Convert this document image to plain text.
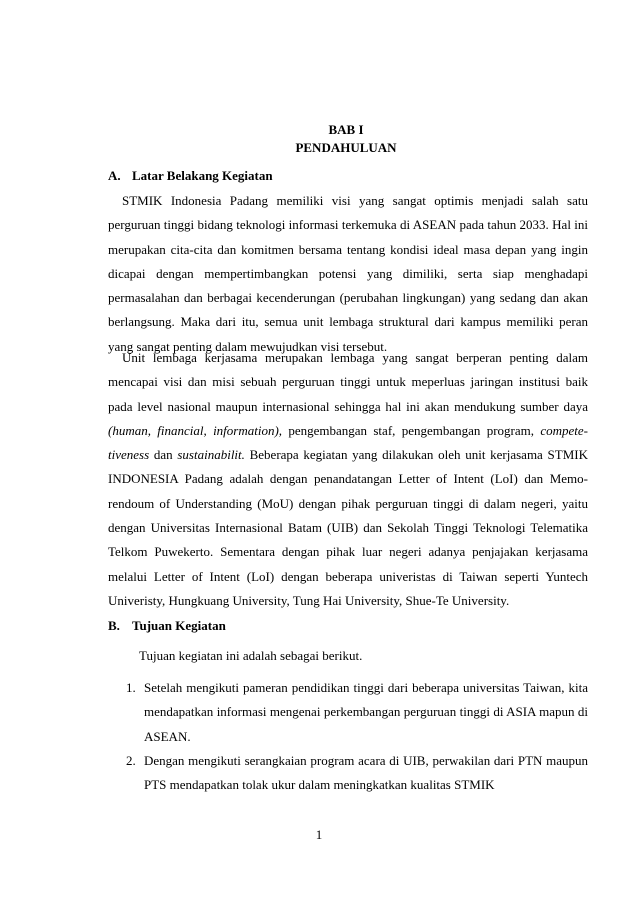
BAB I
PENDAHULUAN
A. Latar Belakang Kegiatan

STMIK Indonesia Padang memiliki visi yang sangat optimis menjadi salah satu perguruan tinggi bidang teknologi informasi terkemuka di ASEAN pada tahun 2033. Hal ini merupakan cita-cita dan komitmen bersama tentang kondisi ideal masa depan yang ingin dicapai dengan mempertimbangkan potensi yang dimiliki, serta siap menghadapi permasalahan dan berbagai kecenderungan (perubahan lingkungan) yang sedang dan akan berlangsung. Maka dari itu, semua unit lembaga struktural dari kampus memiliki peran yang sangat penting dalam mewujudkan visi tersebut.

Unit lembaga kerjasama merupakan lembaga yang sangat berperan penting dalam mencapai visi dan misi sebuah perguruan tinggi untuk meperluas jaringan institusi baik pada level nasional maupun internasional sehingga hal ini akan mendukung sumber daya (human, financial, information), pengembangan staf, pengembangan program, competetiveness dan sustainabilit. Beberapa kegiatan yang dilakukan oleh unit kerjasama STMIK INDONESIA Padang adalah dengan penandatangan Letter of Intent (LoI) dan Memorendoum of Understanding (MoU) dengan pihak perguruan tinggi di dalam negeri, yaitu dengan Universitas Internasional Batam (UIB) dan Sekolah Tinggi Teknologi Telematika Telkom Puwekerto. Sementara dengan pihak luar negeri adanya penjajakan kerjasama melalui Letter of Intent (LoI) dengan beberapa univeristas di Taiwan seperti Yuntech Univeristy, Hungkuang University, Tung Hai University, Shue-Te University.

B. Tujuan Kegiatan
Tujuan kegiatan ini adalah sebagai berikut.
1. Setelah mengikuti pameran pendidikan tinggi dari beberapa universitas Taiwan, kita mendapatkan informasi mengenai perkembangan perguruan tinggi di ASIA mapun di ASEAN.
2. Dengan mengikuti serangkaian program acara di UIB, perwakilan dari PTN maupun PTS mendapatkan tolak ukur dalam meningkatkan kualitas STMIK
1
